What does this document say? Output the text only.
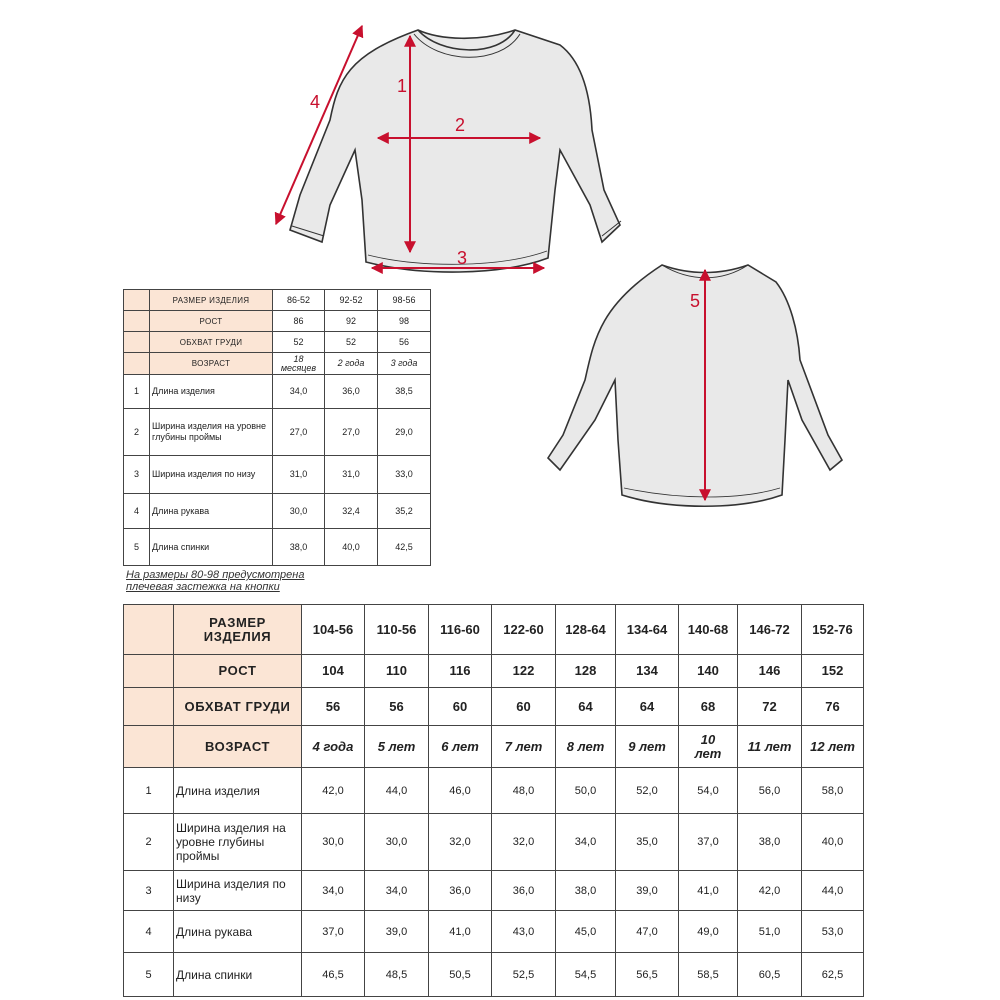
1
2
3
4
5
	РАЗМЕР ИЗДЕЛИЯ	86-52	92-52	98-56
	РОСТ	86	92	98
	ОБХВАТ ГРУДИ	52	52	56
	ВОЗРАСТ	18 месяцев	2 года	3 года
1	Длина изделия	34,0	36,0	38,5
2	Ширина изделия на уровне глубины проймы	27,0	27,0	29,0
3	Ширина изделия по низу	31,0	31,0	33,0
4	Длина рукава	30,0	32,4	35,2
5	Длина спинки	38,0	40,0	42,5
На размеры 80-98 предусмотрена
плечевая застежка на кнопки
	РАЗМЕР ИЗДЕЛИЯ	104-56	110-56	116-60	122-60	128-64	134-64	140-68	146-72	152-76
	РОСТ	104	110	116	122	128	134	140	146	152
	ОБХВАТ ГРУДИ	56	56	60	60	64	64	68	72	76
	ВОЗРАСТ	4 года	5 лет	6 лет	7 лет	8 лет	9 лет	10 лет	11 лет	12 лет
1	Длина изделия	42,0	44,0	46,0	48,0	50,0	52,0	54,0	56,0	58,0
2	Ширина изделия на уровне глубины проймы	30,0	30,0	32,0	32,0	34,0	35,0	37,0	38,0	40,0
3	Ширина изделия по низу	34,0	34,0	36,0	36,0	38,0	39,0	41,0	42,0	44,0
4	Длина рукава	37,0	39,0	41,0	43,0	45,0	47,0	49,0	51,0	53,0
5	Длина спинки	46,5	48,5	50,5	52,5	54,5	56,5	58,5	60,5	62,5
